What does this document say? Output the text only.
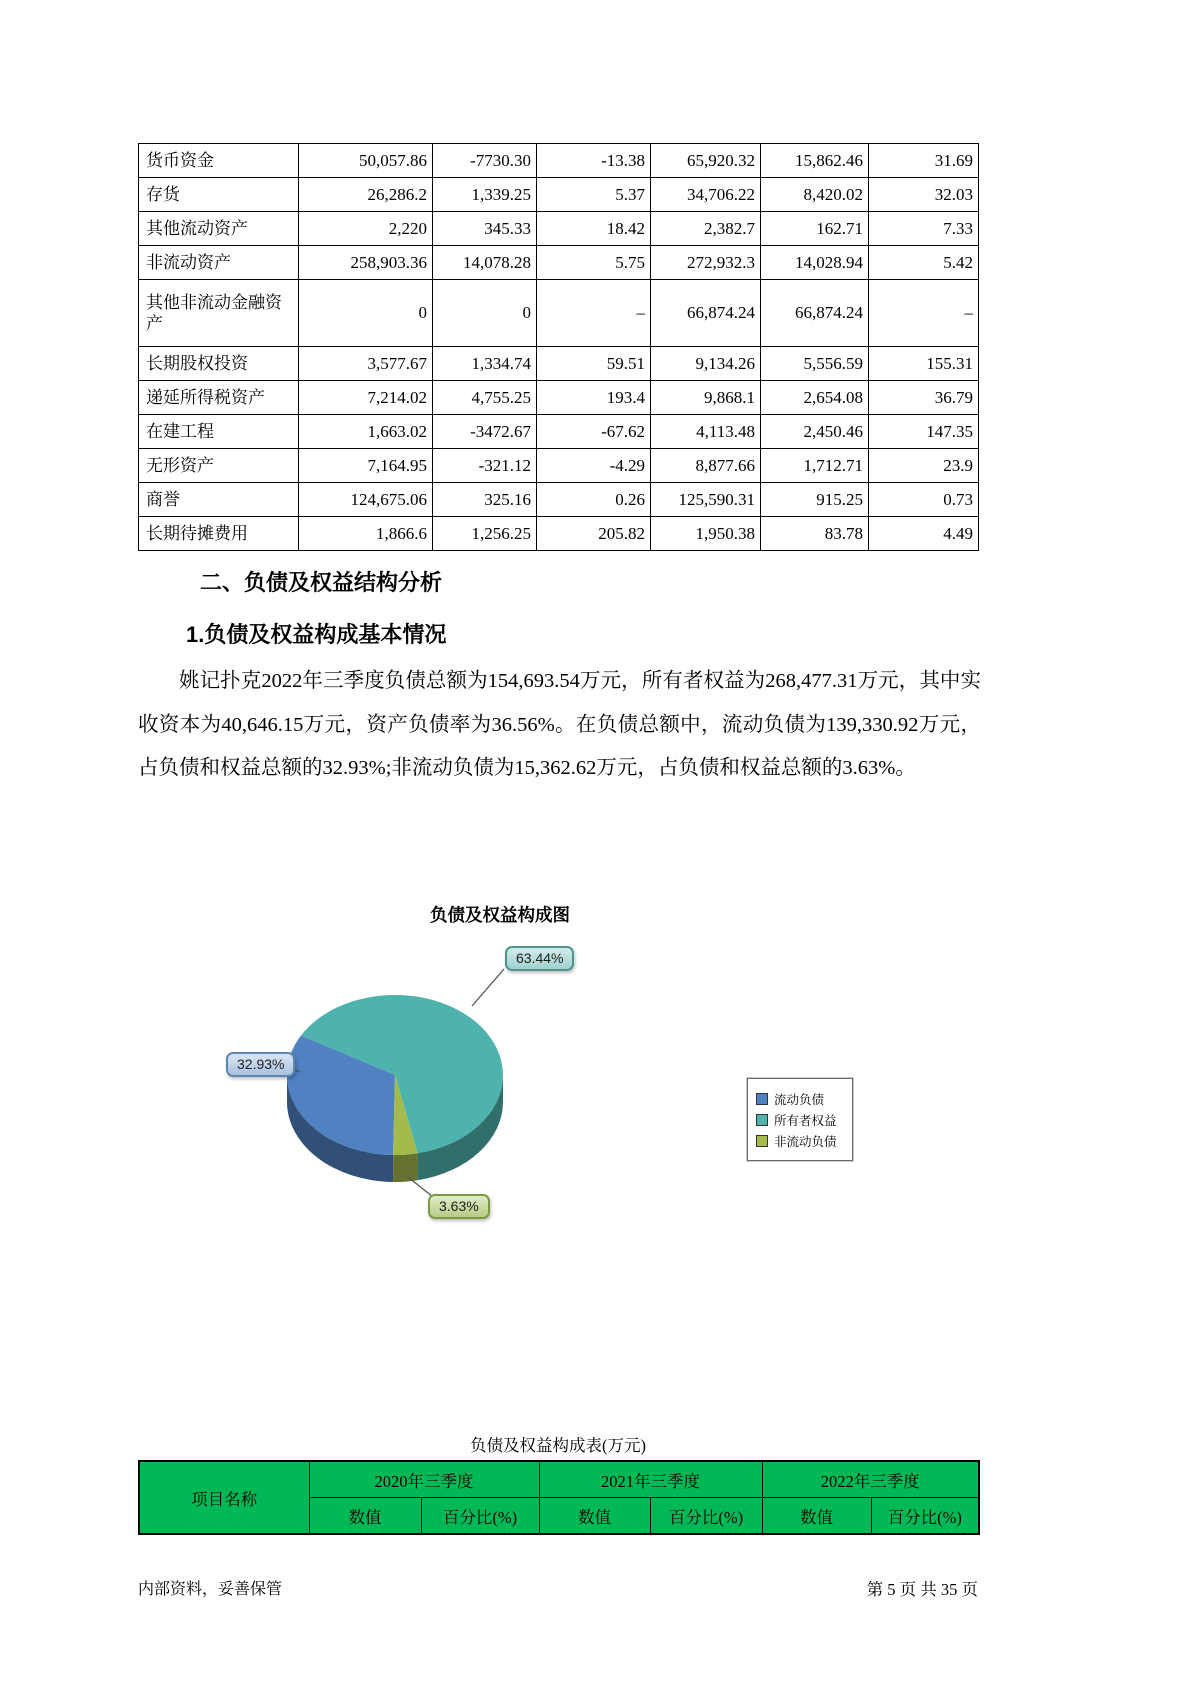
货币资金	50,057.86	-7730.30	-13.38	65,920.32	15,862.46	31.69
存货	26,286.2	1,339.25	5.37	34,706.22	8,420.02	32.03
其他流动资产	2,220	345.33	18.42	2,382.7	162.71	7.33
非流动资产	258,903.36	14,078.28	5.75	272,932.3	14,028.94	5.42
其他非流动金融资产	0	0	–	66,874.24	66,874.24	–
长期股权投资	3,577.67	1,334.74	59.51	9,134.26	5,556.59	155.31
递延所得税资产	7,214.02	4,755.25	193.4	9,868.1	2,654.08	36.79
在建工程	1,663.02	-3472.67	-67.62	4,113.48	2,450.46	147.35
无形资产	7,164.95	-321.12	-4.29	8,877.66	1,712.71	23.9
商誉	124,675.06	325.16	0.26	125,590.31	915.25	0.73
长期待摊费用	1,866.6	1,256.25	205.82	1,950.38	83.78	4.49
二、负债及权益结构分析
1.负债及权益构成基本情况

姚记扑克2022年三季度负债总额为154,693.54万元，所有者权益为268,477.31万元，其中实收资本为40,646.15万元，资产负债率为36.56%。在负债总额中，流动负债为139,330.92万元，占负债和权益总额的32.93%;非流动负债为15,362.62万元，占负债和权益总额的3.63%。

负债及权益构成图
63.44%
32.93%
3.63%
流动负债
所有者权益
非流动负债
负债及权益构成表(万元)
项目名称	2020年三季度		2021年三季度		2022年三季度	
	数值	百分比(%)	数值	百分比(%)	数值	百分比(%)
内部资料，妥善保管	第 5 页 共 35 页
